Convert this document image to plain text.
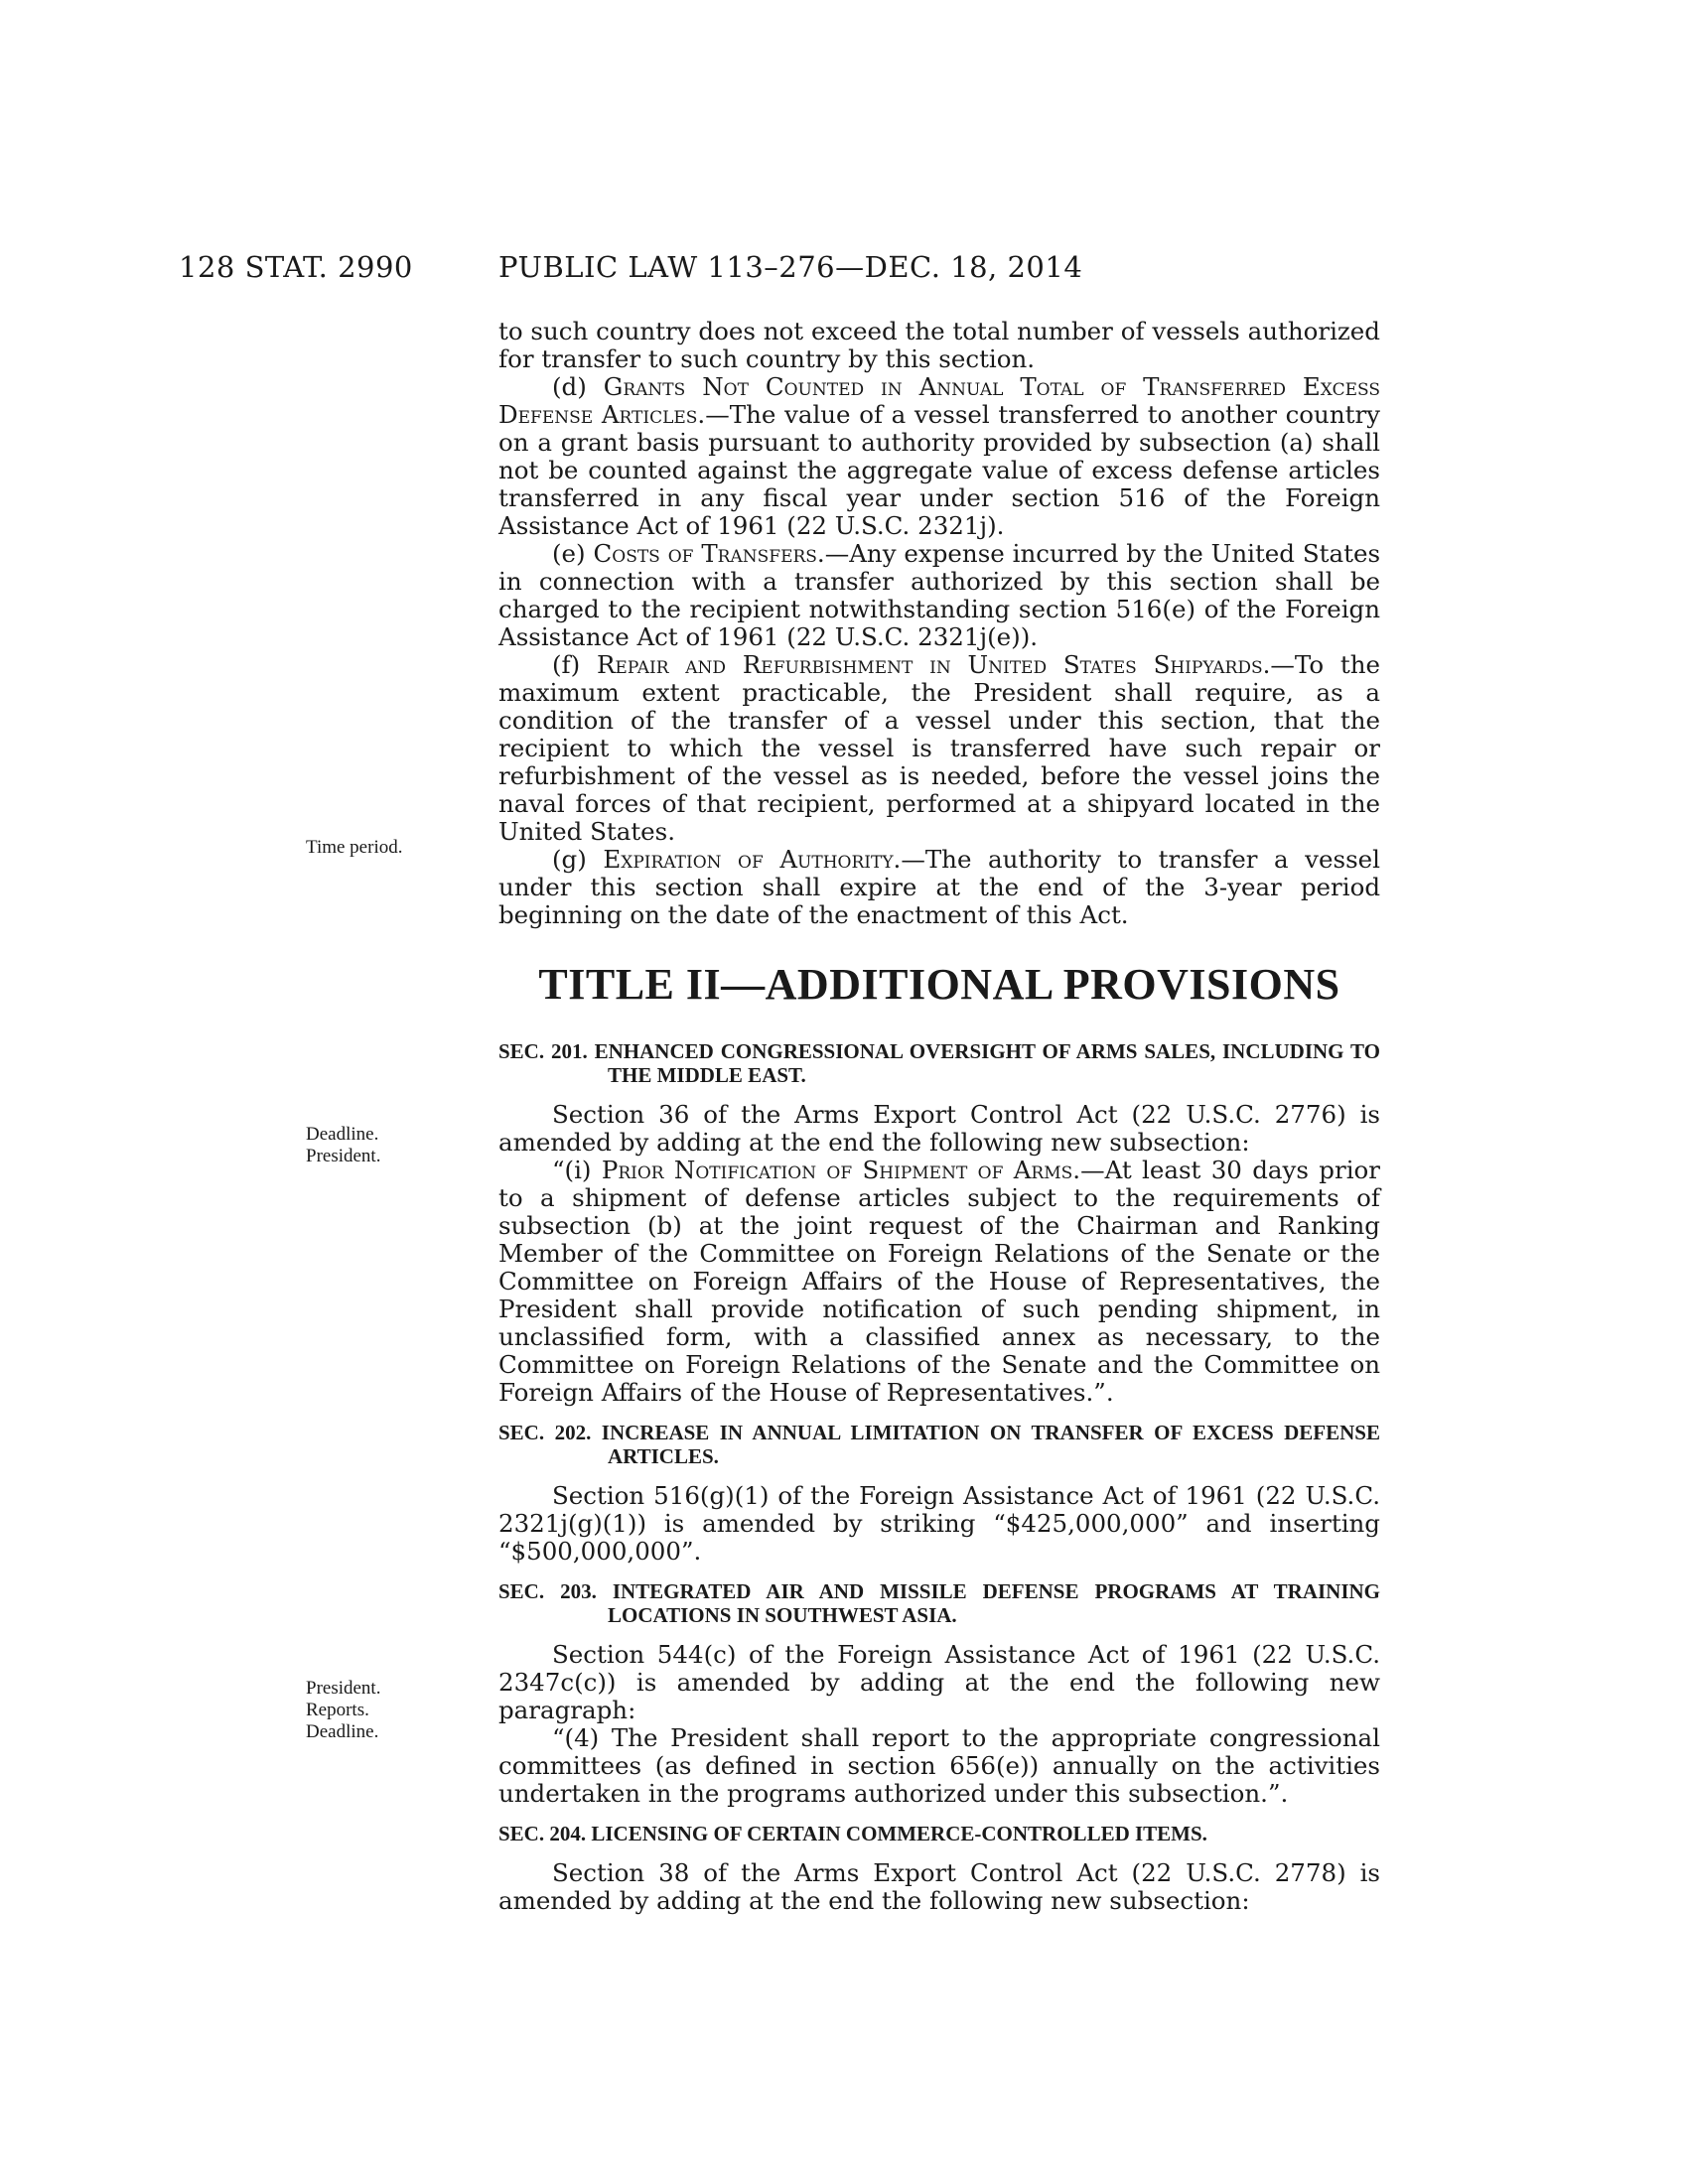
128 STAT. 2990	PUBLIC LAW 113–276—DEC. 18, 2014
Time period.
Deadline.
President.
President.
Reports.
Deadline.

to such country does not exceed the total number of vessels authorized for transfer to such country by this section.

(d) Grants Not Counted in Annual Total of Transferred Excess Defense Articles.—The value of a vessel transferred to another country on a grant basis pursuant to authority provided by subsection (a) shall not be counted against the aggregate value of excess defense articles transferred in any fiscal year under section 516 of the Foreign Assistance Act of 1961 (22 U.S.C. 2321j).

(e) Costs of Transfers.—Any expense incurred by the United States in connection with a transfer authorized by this section shall be charged to the recipient notwithstanding section 516(e) of the Foreign Assistance Act of 1961 (22 U.S.C. 2321j(e)).

(f) Repair and Refurbishment in United States Shipyards.—To the maximum extent practicable, the President shall require, as a condition of the transfer of a vessel under this section, that the recipient to which the vessel is transferred have such repair or refurbishment of the vessel as is needed, before the vessel joins the naval forces of that recipient, performed at a shipyard located in the United States.

(g) Expiration of Authority.—The authority to transfer a vessel under this section shall expire at the end of the 3-year period beginning on the date of the enactment of this Act.

TITLE II—ADDITIONAL PROVISIONS
SEC. 201. ENHANCED CONGRESSIONAL OVERSIGHT OF ARMS SALES, INCLUDING TO THE MIDDLE EAST.

Section 36 of the Arms Export Control Act (22 U.S.C. 2776) is amended by adding at the end the following new subsection:

“(i) Prior Notification of Shipment of Arms.—At least 30 days prior to a shipment of defense articles subject to the requirements of subsection (b) at the joint request of the Chairman and Ranking Member of the Committee on Foreign Relations of the Senate or the Committee on Foreign Affairs of the House of Representatives, the President shall provide notification of such pending shipment, in unclassified form, with a classified annex as necessary, to the Committee on Foreign Relations of the Senate and the Committee on Foreign Affairs of the House of Representatives.”.

SEC. 202. INCREASE IN ANNUAL LIMITATION ON TRANSFER OF EXCESS DEFENSE ARTICLES.

Section 516(g)(1) of the Foreign Assistance Act of 1961 (22 U.S.C. 2321j(g)(1)) is amended by striking “$425,000,000” and inserting “$500,000,000”.

SEC. 203. INTEGRATED AIR AND MISSILE DEFENSE PROGRAMS AT TRAINING LOCATIONS IN SOUTHWEST ASIA.

Section 544(c) of the Foreign Assistance Act of 1961 (22 U.S.C. 2347c(c)) is amended by adding at the end the following new paragraph:

“(4) The President shall report to the appropriate congressional committees (as defined in section 656(e)) annually on the activities undertaken in the programs authorized under this subsection.”.

SEC. 204. LICENSING OF CERTAIN COMMERCE-CONTROLLED ITEMS.

Section 38 of the Arms Export Control Act (22 U.S.C. 2778) is amended by adding at the end the following new subsection:
